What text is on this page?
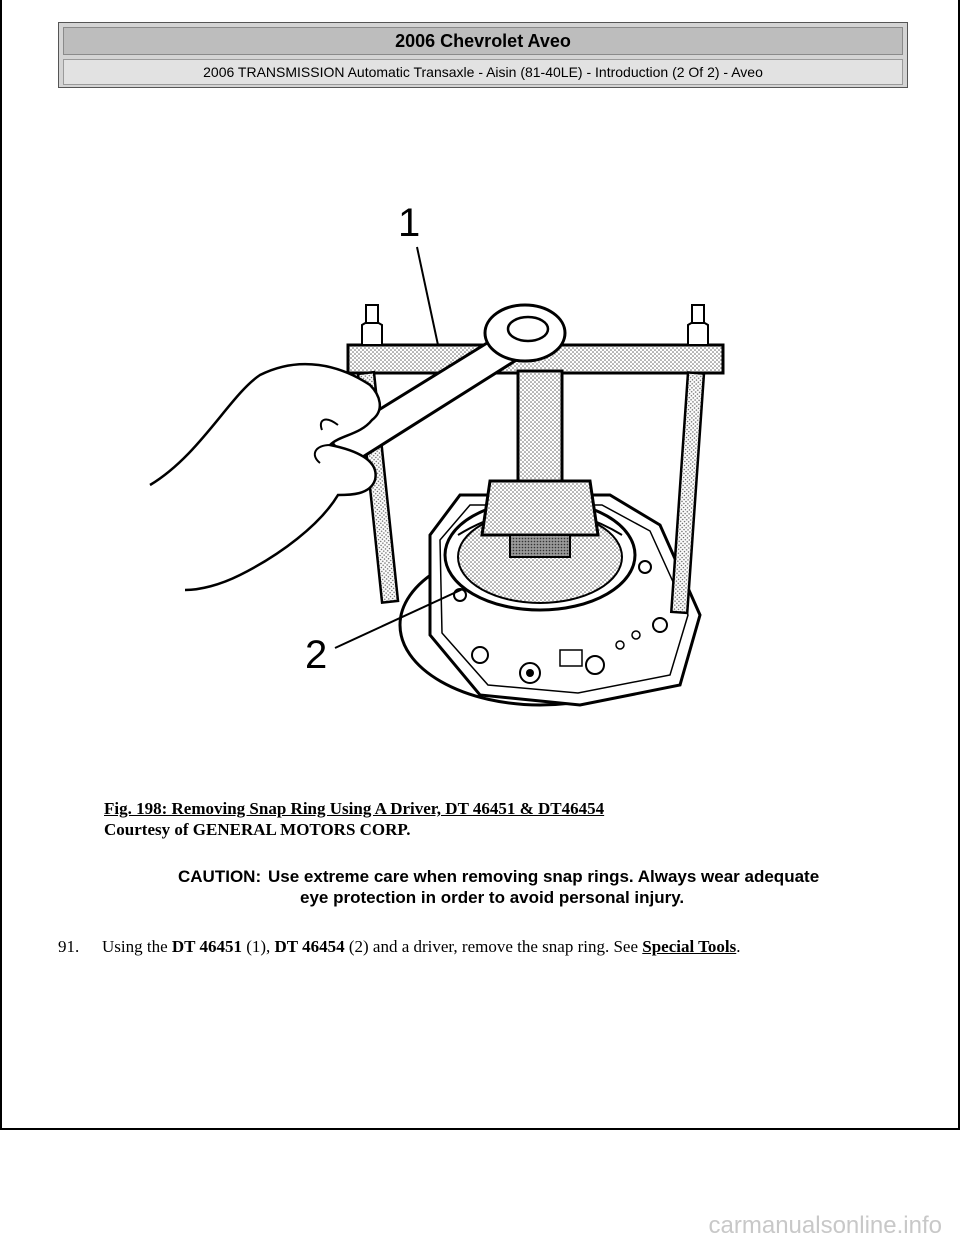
2006 Chevrolet Aveo
2006 TRANSMISSION Automatic Transaxle - Aisin (81-40LE) - Introduction (2 Of 2) - Aveo
1
2
Fig. 198: Removing Snap Ring Using A Driver, DT 46451 & DT46454
Courtesy of GENERAL MOTORS CORP.
CAUTION: Use extreme care when removing snap rings. Always wear adequate
eye protection in order to avoid personal injury.
91. Using the DT 46451 (1), DT 46454 (2) and a driver, remove the snap ring. See Special Tools.
carmanualsonline.info
